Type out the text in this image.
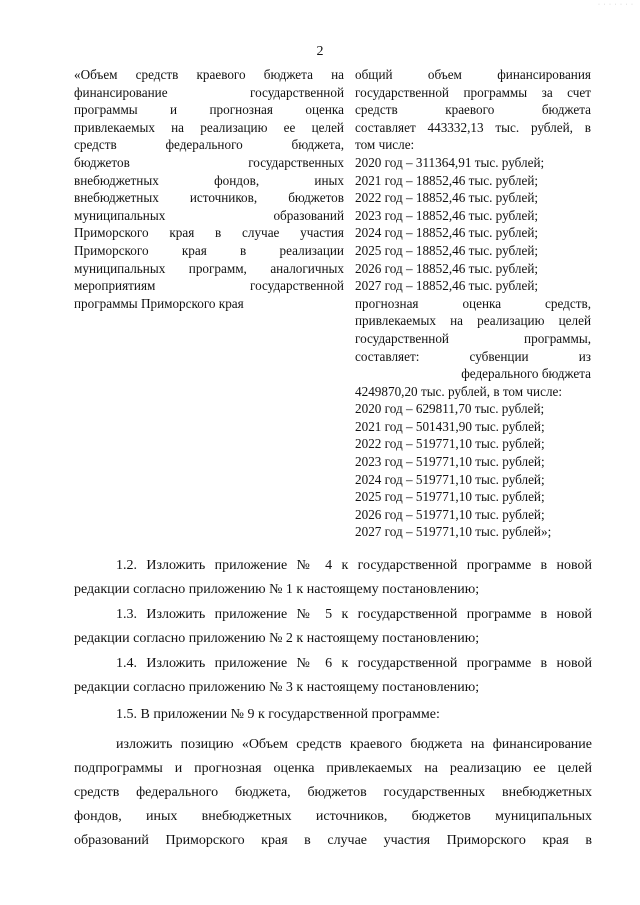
· · · · · · ·
2
«Объем средств краевого бюджета на
финансирование государственной
программы и прогнозная оценка
привлекаемых на реализацию ее целей
средств федерального бюджета,
бюджетов государственных
внебюджетных фондов, иных
внебюджетных источников, бюджетов
муниципальных образований
Приморского края в случае участия
Приморского края в реализации
муниципальных программ, аналогичных
мероприятиям государственной
программы Приморского края
общий объем финансирования
государственной программы за счет
средств краевого бюджета
составляет 443332,13 тыс. рублей, в
том числе:
2020 год – 311364,91 тыс. рублей;
2021 год – 18852,46 тыс. рублей;
2022 год – 18852,46 тыс. рублей;
2023 год – 18852,46 тыс. рублей;
2024 год – 18852,46 тыс. рублей;
2025 год – 18852,46 тыс. рублей;
2026 год – 18852,46 тыс. рублей;
2027 год – 18852,46 тыс. рублей;
прогнозная оценка средств,
привлекаемых на реализацию целей
государственной программы,
составляет: субвенции из
федерального бюджета
4249870,20 тыс. рублей, в том числе:
2020 год – 629811,70 тыс. рублей;
2021 год – 501431,90 тыс. рублей;
2022 год – 519771,10 тыс. рублей;
2023 год – 519771,10 тыс. рублей;
2024 год – 519771,10 тыс. рублей;
2025 год – 519771,10 тыс. рублей;
2026 год – 519771,10 тыс. рублей;
2027 год – 519771,10 тыс. рублей»;
1.2. Изложить приложение № 4 к государственной программе в новой
редакции согласно приложению № 1 к настоящему постановлению;
1.3. Изложить приложение № 5 к государственной программе в новой
редакции согласно приложению № 2 к настоящему постановлению;
1.4. Изложить приложение № 6 к государственной программе в новой
редакции согласно приложению № 3 к настоящему постановлению;
1.5. В приложении № 9 к государственной программе:
изложить позицию «Объем средств краевого бюджета на финансирование
подпрограммы и прогнозная оценка привлекаемых на реализацию ее целей
средств федерального бюджета, бюджетов государственных внебюджетных
фондов, иных внебюджетных источников, бюджетов муниципальных
образований Приморского края в случае участия Приморского края в
